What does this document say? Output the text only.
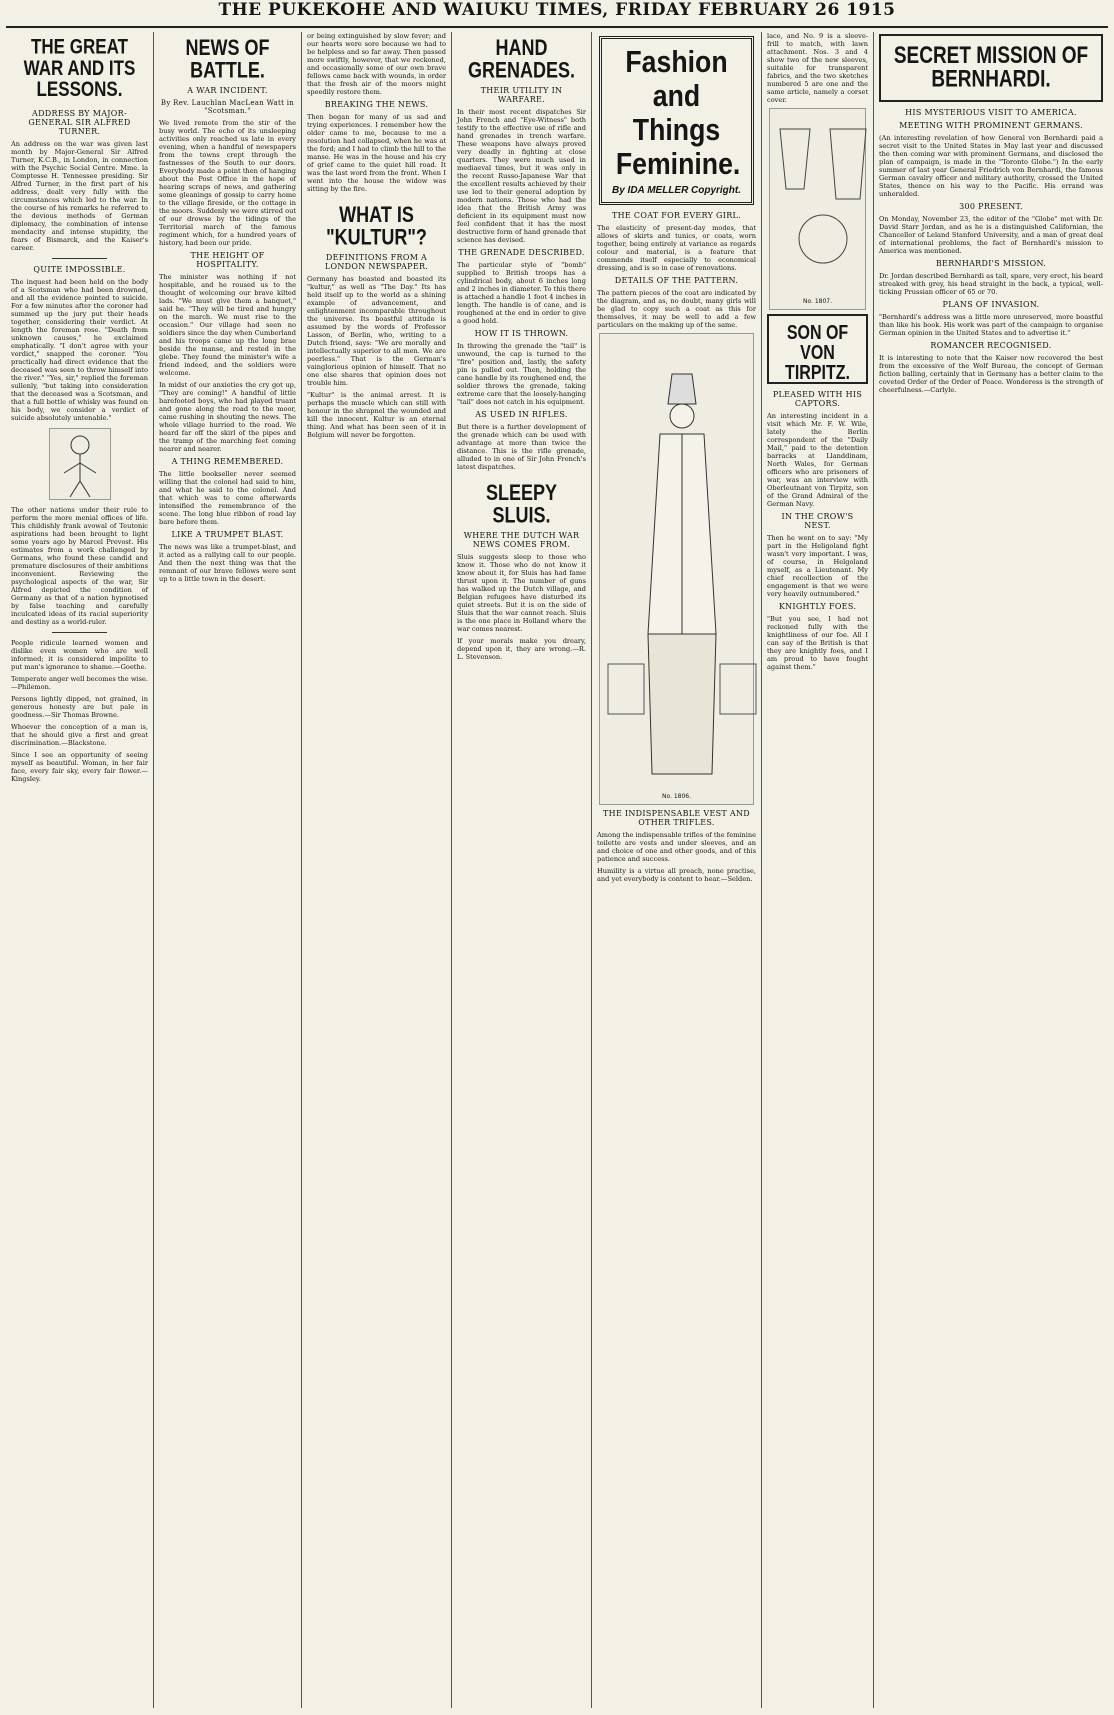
THE PUKEKOHE AND WAIUKU TIMES, FRIDAY FEBRUARY 26 1915
THE GREAT WAR AND ITS LESSONS.
ADDRESS BY MAJOR-GENERAL SIR ALFRED TURNER.

An address on the war was given last month by Major-General Sir Alfred Turner, K.C.B., in London, in connection with the Psychic Social Centre. Mme. la Comptesse H. Tennessee presiding. Sir Alfred Turner, in the first part of his address, dealt very fully with the circumstances which led to the war. In the course of his remarks he referred to the devious methods of German diplomacy, the combination of intense mendacity and intense stupidity, the fears of Bismarck, and the Kaiser's career.

QUITE IMPOSSIBLE.

The inquest had been held on the body of a Scotsman who had been drowned, and all the evidence pointed to suicide. For a few minutes after the coroner had summed up the jury put their heads together, considering their verdict. At length the foreman rose. "Death from unknown causes," he exclaimed emphatically. "I don't agree with your verdict," snapped the coroner. "You practically had direct evidence that the deceased was seen to throw himself into the river." "Yes, sir," replied the foreman sullenly, "but taking into consideration that the deceased was a Scotsman, and that a full bottle of whisky was found on his body, we consider a verdict of suicide absolutely untenable."

The other nations under their rule to perform the more menial offices of life. This childishly frank avowal of Teutonic aspirations had been brought to light some years ago by Marcel Prevost. His estimates from a work challenged by Germans, who found these candid and premature disclosures of their ambitions inconvenient. Reviewing the psychological aspects of the war, Sir Alfred depicted the condition of Germany as that of a nation hypnotised by false teaching and carefully inculcated ideas of its racial superiority and destiny as a world-ruler.

People ridicule learned women and dislike even women who are well informed; it is considered impolite to put man's ignorance to shame.—Goethe.

Temperate anger well becomes the wise.—Philemon.

Persons lightly dipped, not grained, in generous honesty are but pale in goodness.—Sir Thomas Browne.

Whoever the conception of a man is, that he should give a first and great discrimination.—Blackstone.

Since I see an opportunity of seeing myself as beautiful. Woman, in her fair face, every fair sky, every fair flower.—Kingsley.

NEWS OF BATTLE.
A WAR INCIDENT.
By Rev. Lauchlan MacLean Watt in "Scotsman."

We lived remote from the stir of the busy world. The echo of its unsleeping activities only reached us late in every evening, when a handful of newspapers from the towns crept through the fastnesses of the South to our doors. Everybody made a point then of hanging about the Post Office in the hope of hearing scraps of news, and gathering some gleanings of gossip to carry home to the village fireside, or the cottage in the moors. Suddenly we were stirred out of our drowse by the tidings of the Territorial march of the famous regiment which, for a hundred years of history, had been our pride.

THE HEIGHT OF HOSPITALITY.

The minister was nothing if not hospitable, and he roused us to the thought of welcoming our brave kilted lads. "We must give them a banquet," said he. "They will be tired and hungry on the march. We must rise to the occasion." Our village had seen no soldiers since the day when Cumberland and his troops came up the long brae beside the manse, and rested in the glebe. They found the minister's wife a friend indeed, and the soldiers were welcome.

In midst of our anxieties the cry got up, "They are coming!" A handful of little barefooted boys, who had played truant and gone along the road to the moor, came rushing in shouting the news. The whole village hurried to the road. We heard far off the skirl of the pipes and the tramp of the marching feet coming nearer and nearer.

A THING REMEMBERED.

The little bookseller never seemed willing that the colonel had said to him, and what he said to the colonel. And that which was to come afterwards intensified the remembrance of the scene. The long blue ribbon of road lay bare before them.

LIKE A TRUMPET BLAST.

The news was like a trumpet-blast, and it acted as a rallying call to our people. And then the next thing was that the remnant of our brave fellows were sent up to a little town in the desert.

or being extinguished by slow fever; and our hearts were sore because we had to be helpless and so far away. Then passed more swiftly, however, that we reckoned, and occasionally some of our own brave fellows came back with wounds, in order that the fresh air of the moors might speedily restore them.

BREAKING THE NEWS.

Then began for many of us sad and trying experiences. I remember how the older came to me, because to me a resolution had collapsed, when he was at the ford; and I had to climb the hill to the manse. He was in the house and his cry of grief came to the quiet hill road. It was the last word from the front. When I went into the house the widow was sitting by the fire.

WHAT IS "KULTUR"?
DEFINITIONS FROM A LONDON NEWSPAPER.

Germany has boasted and boasted its "kultur," as well as "The Day." Its has held itself up to the world as a shining example of advancement, and enlightenment incomparable throughout the universe. Its boastful attitude is assumed by the words of Professor Lasson, of Berlin, who, writing to a Dutch friend, says: "We are morally and intellectually superior to all men. We are peerless." That is the German's vainglorious opinion of himself. That no one else shares that opinion does not trouble him.

"Kultur" is the animal arrest. It is perhaps the muscle which can still with honour in the shrapnel the wounded and kill the innocent. Kultur is an eternal thing. And what has been seen of it in Belgium will never be forgotten.

HAND GRENADES.
THEIR UTILITY IN WARFARE.

In their most recent dispatches Sir John French and "Eye-Witness" both testify to the effective use of rifle and hand grenades in trench warfare. These weapons have always proved very deadly in fighting at close quarters. They were much used in mediaeval times, but it was only in the recent Russo-Japanese War that the excellent results achieved by their use led to their general adoption by modern nations. Those who had the idea that the British Army was deficient in its equipment must now feel confident that it has the most destructive form of hand grenade that science has devised.

THE GRENADE DESCRIBED.

The particular style of "bomb" supplied to British troops has a cylindrical body, about 6 inches long and 2 inches in diameter. To this there is attached a handle 1 foot 4 inches in length. The handle is of cane, and is roughened at the end in order to give a good hold.

HOW IT IS THROWN.

In throwing the grenade the "tail" is unwound, the cap is turned to the "fire" position and, lastly, the safety pin is pulled out. Then, holding the cane handle by its roughened end, the soldier throws the grenade, taking extreme care that the loosely-hanging "tail" does not catch in his equipment.

AS USED IN RIFLES.

But there is a further development of the grenade which can be used with advantage at more than twice the distance. This is the rifle grenade, alluded to in one of Sir John French's latest dispatches.

SLEEPY SLUIS.
WHERE THE DUTCH WAR NEWS COMES FROM.

Sluis suggests sleep to those who know it. Those who do not know it know about it, for Sluis has had fame thrust upon it. The number of guns has walked up the Dutch village, and Belgian refugees have disturbed its quiet streets. But it is on the side of Sluis that the war cannot reach. Sluis is the one place in Holland where the war comes nearest.

If your morals make you dreary, depend upon it, they are wrong.—R. L. Stevenson.

Fashion and Things Feminine.
By IDA MELLER Copyright.
THE COAT FOR EVERY GIRL.

The elasticity of present-day modes, that allows of skirts and tunics, or coats, worn together, being entirely at variance as regards colour and material, is a feature that commends itself especially to economical dressing, and is so in case of renovations.

DETAILS OF THE PATTERN.

The pattern pieces of the coat are indicated by the diagram, and as, no doubt, many girls will be glad to copy such a coat as this for themselves, it may be well to add a few particulars on the making up of the same.

No. 1806.
THE INDISPENSABLE VEST AND OTHER TRIFLES.

Among the indispensable trifles of the feminine toilette are vests and under sleeves, and an and choice of one and other goods, and of this patience and success.

Humility is a virtue all preach, none practise, and yet everybody is content to hear.—Selden.

lace, and No. 9 is a sleeve-frill to match, with lawn attachment. Nos. 3 and 4 show two of the new sleeves, suitable for transparent fabrics, and the two sketches numbered 5 are one and the same article, namely a corset cover.

No. 1807.
SON OF VON TIRPITZ.
PLEASED WITH HIS CAPTORS.

An interesting incident in a visit which Mr. F. W. Wile, lately the Berlin correspondent of the "Daily Mail," paid to the detention barracks at Llanddinam, North Wales, for German officers who are prisoners of war, was an interview with Oberleutnant von Tirpitz, son of the Grand Admiral of the German Navy.

IN THE CROW'S NEST.

Then he went on to say: "My part in the Heligoland fight wasn't very important. I was, of course, in Helgoland myself, as a Lieutenant. My chief recollection of the engagement is that we were very heavily outnumbered."

KNIGHTLY FOES.

"But you see, I had not reckoned fully with the knightliness of our foe. All I can say of the British is that they are knightly foes, and I am proud to have fought against them."

SECRET MISSION OF BERNHARDI.
HIS MYSTERIOUS VISIT TO AMERICA.
MEETING WITH PROMINENT GERMANS.

(An interesting revelation of how General von Bernhardi paid a secret visit to the United States in May last year and discussed the then coming war with prominent Germans, and disclosed the plan of campaign, is made in the "Toronto Globe.") In the early summer of last year General Friedrich von Bernhardi, the famous German cavalry officer and military authority, crossed the United States, thence on his way to the Pacific. His errand was unheralded.

300 PRESENT.

On Monday, November 23, the editor of the "Globe" met with Dr. David Starr Jordan, and as he is a distinguished Californian, the Chancellor of Leland Stanford University, and a man of great deal of international problems, the fact of Bernhardi's mission to America was mentioned.

BERNHARDI'S MISSION.

Dr. Jordan described Bernhardi as tall, spare, very erect, his beard streaked with grey, his head straight in the back, a typical, well-ticking Prussian officer of 65 or 70.

PLANS OF INVASION.

"Bernhardi's address was a little more unreserved, more boastful than like his book. His work was part of the campaign to organise German opinion in the United States and to advertise it."

ROMANCER RECOGNISED.

It is interesting to note that the Kaiser now recovered the best from the excessive of the Wolf Bureau, the concept of German fiction balling, certainly that in Germany has a better claim to the coveted Order of the Order of Peace. Wonderess is the strength of cheerfulness.—Carlyle.
